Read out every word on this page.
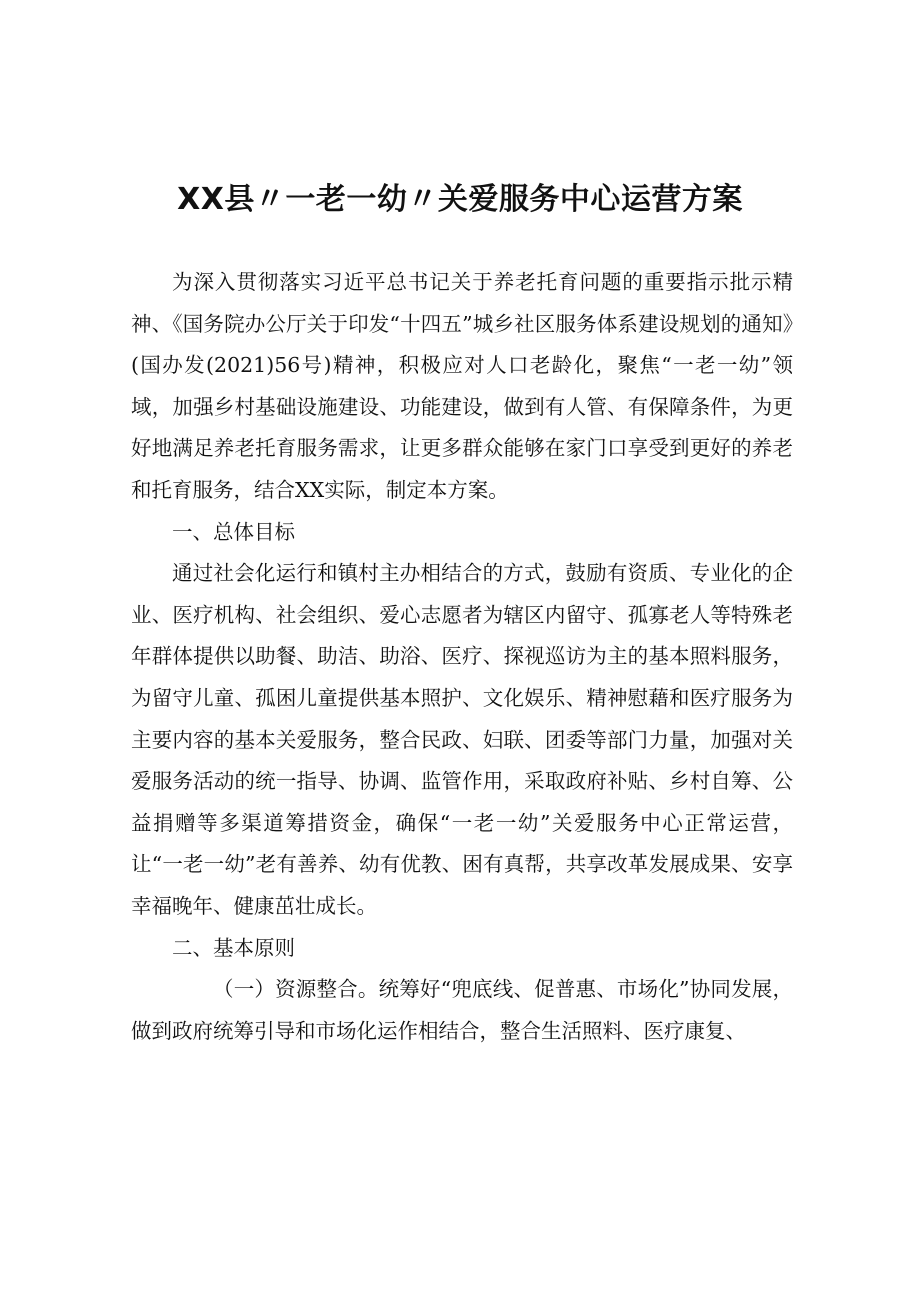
XX县〃一老一幼〃关爱服务中心运营方案

为深入贯彻落实习近平总书记关于养老托育问题的重要指示批示精神、《国务院办公厅关于印发“十四五”城乡社区服务体系建设规划的通知》(国办发(2021)56号)精神，积极应对人口老龄化，聚焦“一老一幼”领域，加强乡村基础设施建设、功能建设，做到有人管、有保障条件，为更好地满足养老托育服务需求，让更多群众能够在家门口享受到更好的养老和托育服务，结合XX实际，制定本方案。

一、总体目标

通过社会化运行和镇村主办相结合的方式，鼓励有资质、专业化的企业、医疗机构、社会组织、爱心志愿者为辖区内留守、孤寡老人等特殊老年群体提供以助餐、助洁、助浴、医疗、探视巡访为主的基本照料服务，为留守儿童、孤困儿童提供基本照护、文化娱乐、精神慰藉和医疗服务为主要内容的基本关爱服务，整合民政、妇联、团委等部门力量，加强对关爱服务活动的统一指导、协调、监管作用，采取政府补贴、乡村自筹、公益捐赠等多渠道筹措资金，确保“一老一幼”关爱服务中心正常运营，让“一老一幼”老有善养、幼有优教、困有真帮，共享改革发展成果、安享幸福晚年、健康茁壮成长。

二、基本原则

（一）资源整合。统筹好“兜底线、促普惠、市场化”协同发展，做到政府统筹引导和市场化运作相结合，整合生活照料、医疗康复、
